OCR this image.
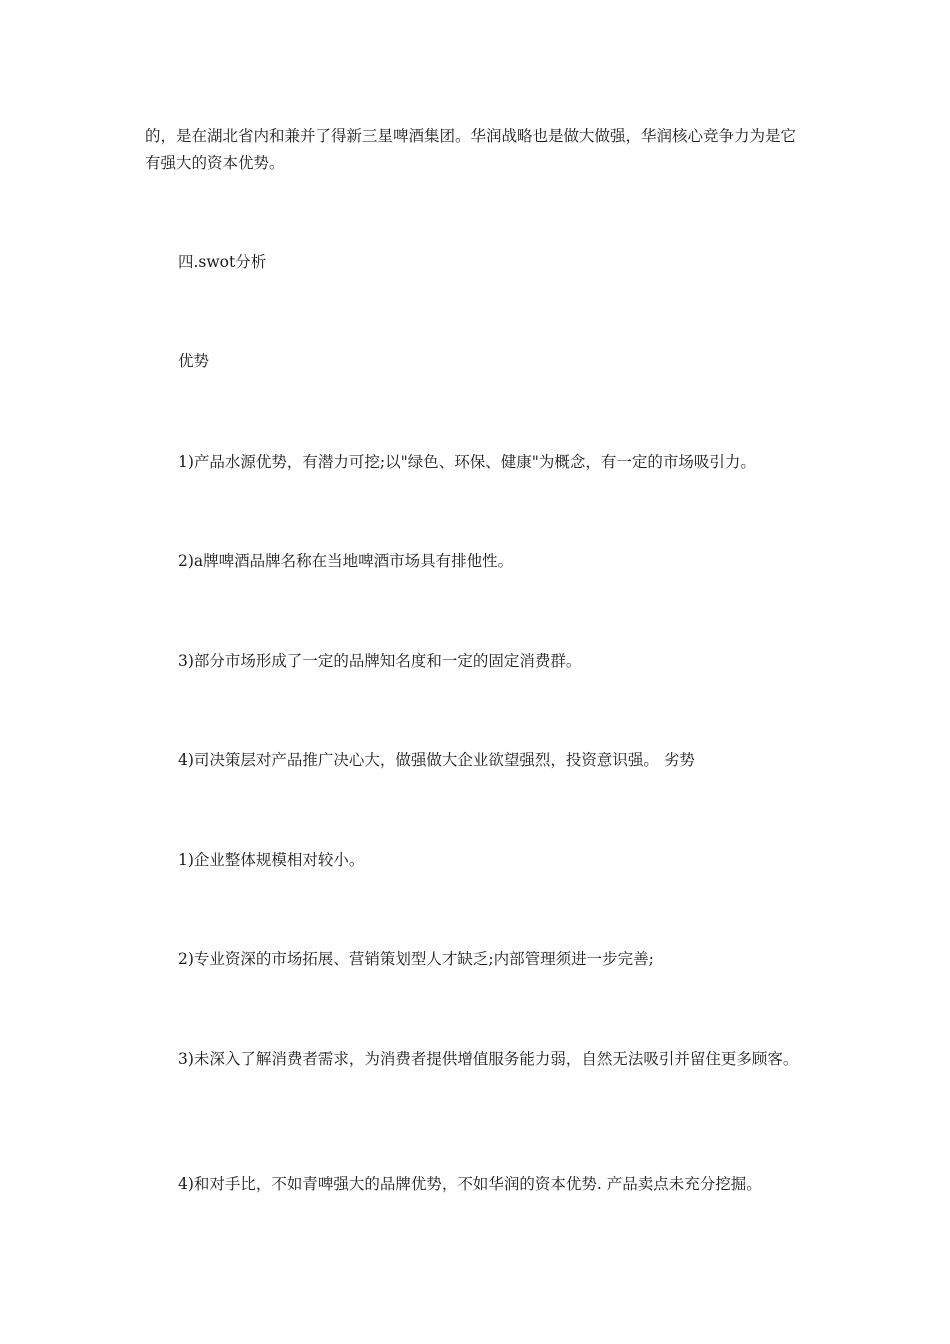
的，是在湖北省内和兼并了得新三星啤酒集团。华润战略也是做大做强，华润核心竞争力为是它有强大的资本优势。

四.swot分析

优势

1)产品水源优势，有潜力可挖;以"绿色、环保、健康"为概念，有一定的市场吸引力。

2)a牌啤酒品牌名称在当地啤酒市场具有排他性。

3)部分市场形成了一定的品牌知名度和一定的固定消费群。

4)司决策层对产品推广决心大，做强做大企业欲望强烈，投资意识强。 劣势

1)企业整体规模相对较小。

2)专业资深的市场拓展、营销策划型人才缺乏;内部管理须进一步完善;

3)未深入了解消费者需求，为消费者提供增值服务能力弱，自然无法吸引并留住更多顾客。

4)和对手比，不如青啤强大的品牌优势，不如华润的资本优势. 产品卖点未充分挖掘。
